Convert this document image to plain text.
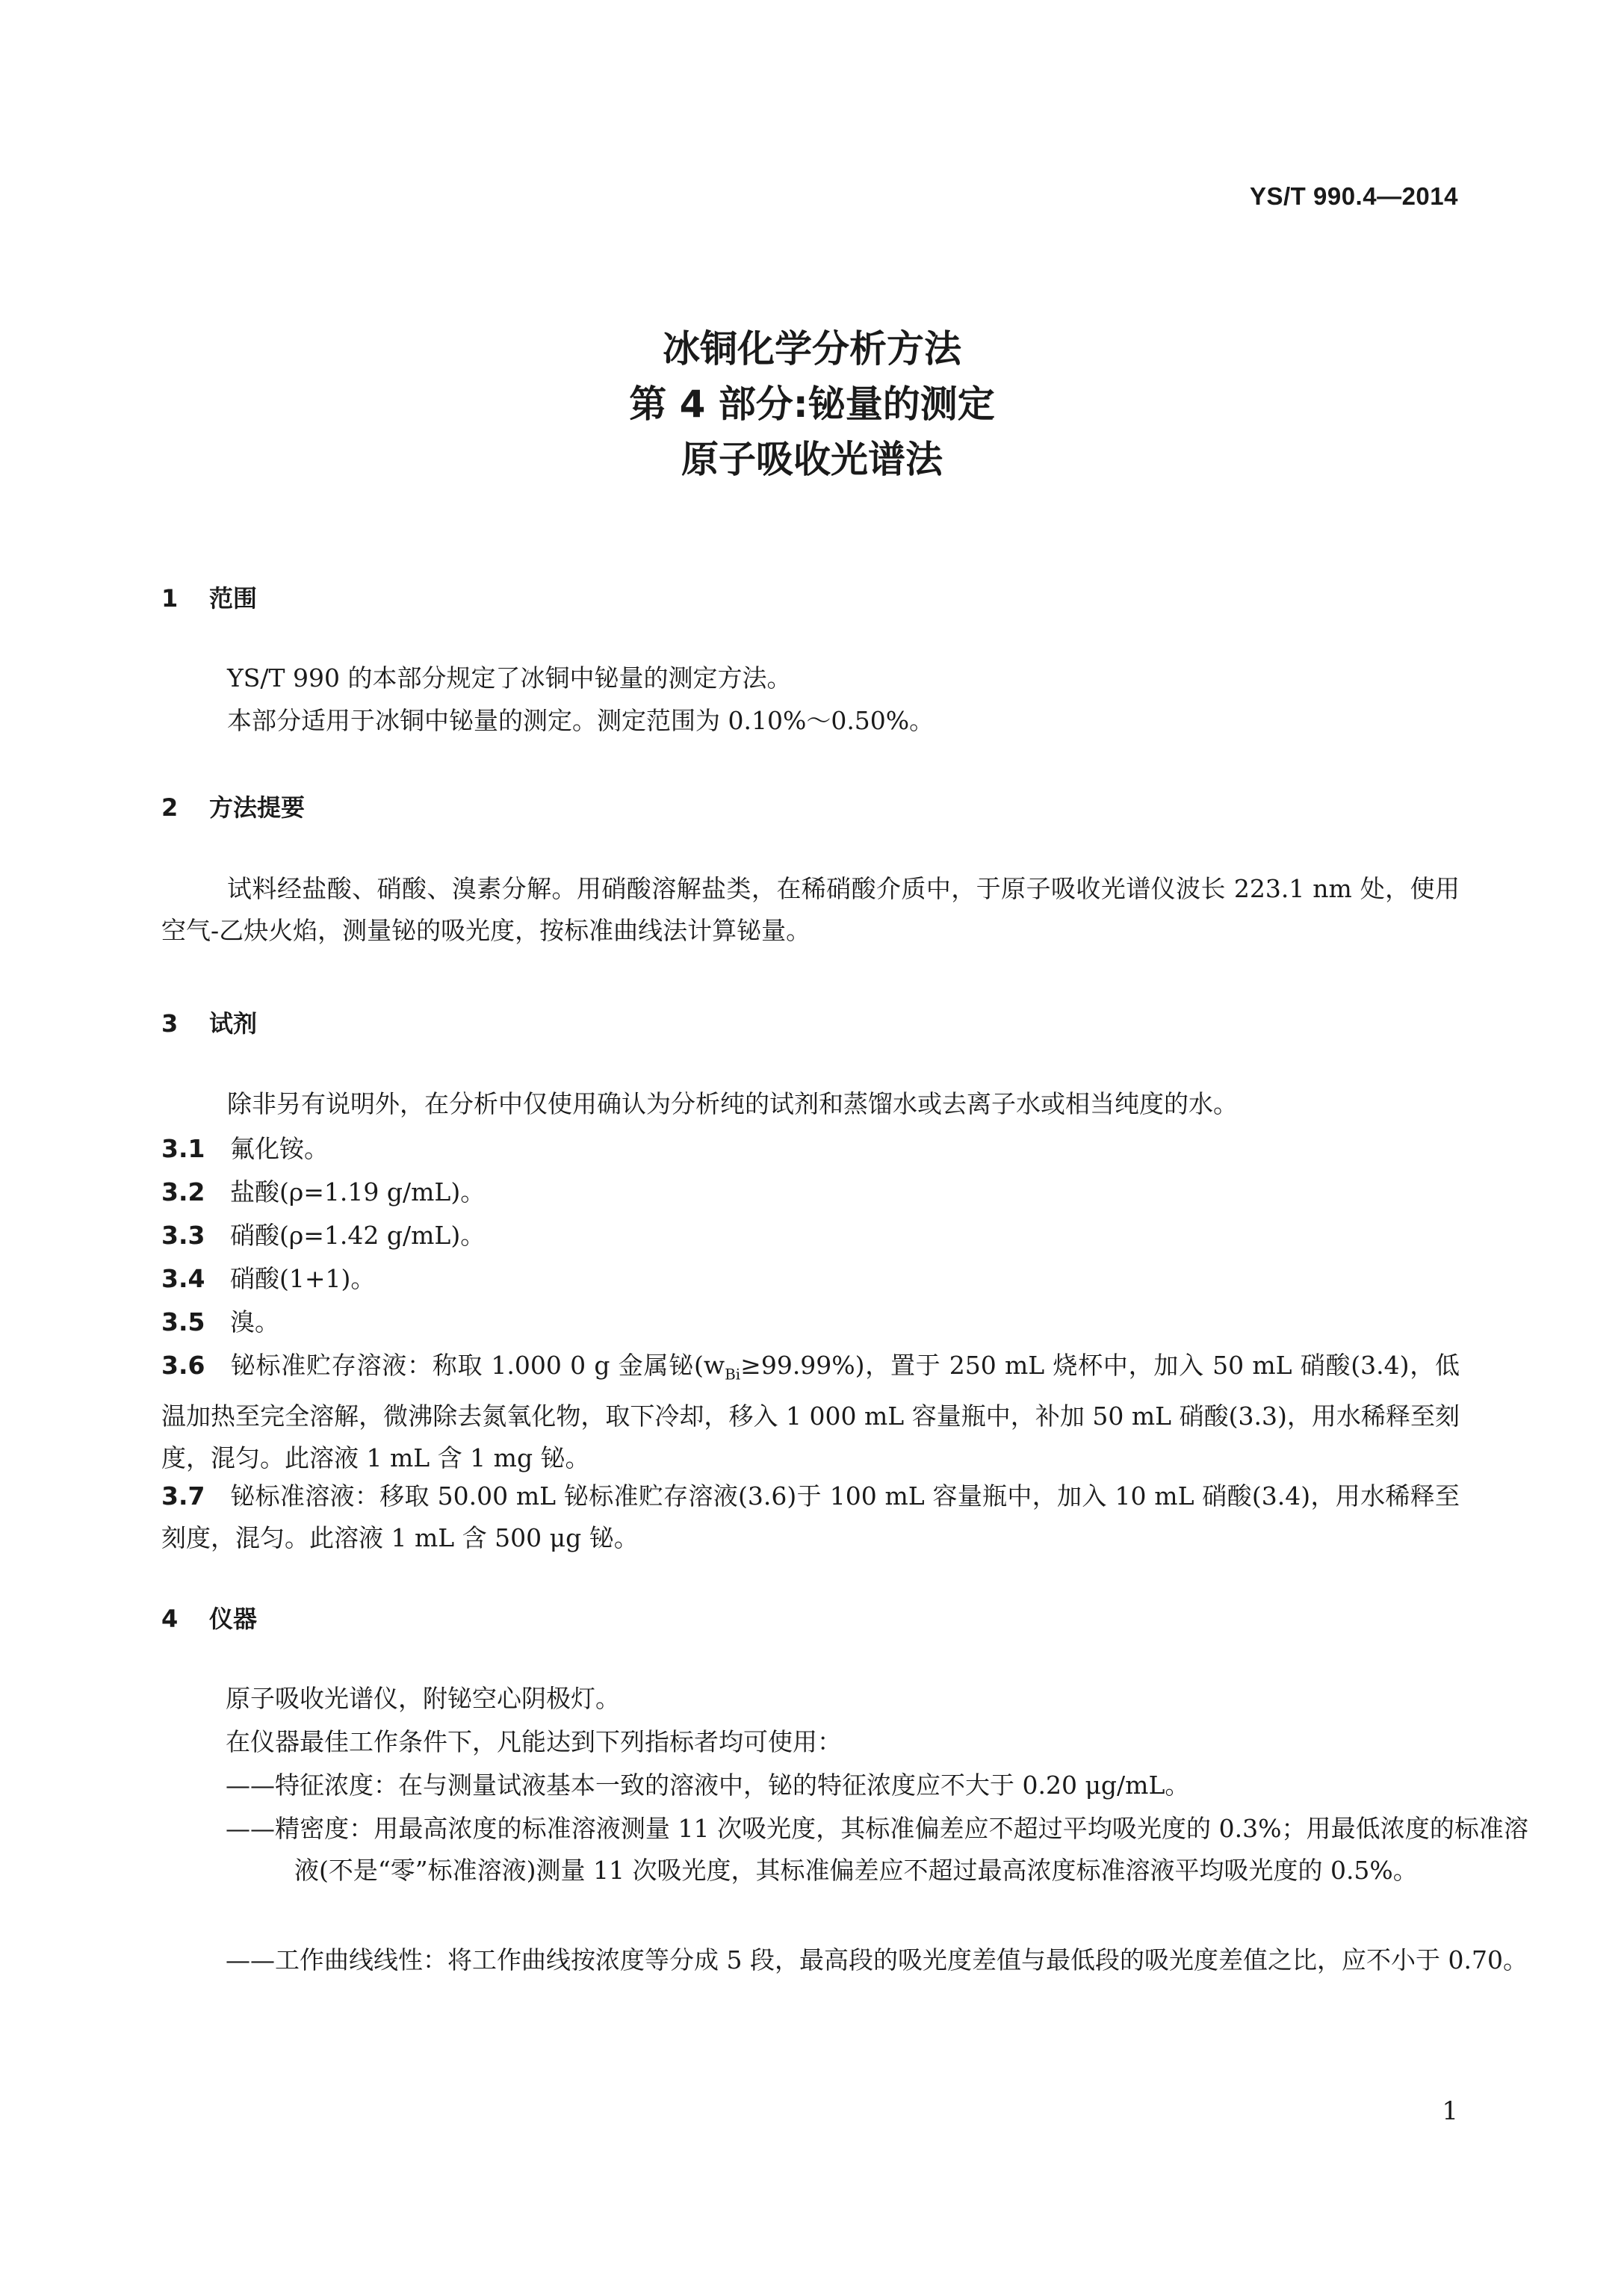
YS/T 990.4—2014
冰铜化学分析方法
第 4 部分:铋量的测定
原子吸收光谱法
1 范围
YS/T 990 的本部分规定了冰铜中铋量的测定方法。
本部分适用于冰铜中铋量的测定。测定范围为 0.10%～0.50%。
2 方法提要
试料经盐酸、硝酸、溴素分解。用硝酸溶解盐类，在稀硝酸介质中，于原子吸收光谱仪波长 223.1 nm 处，使用空气-乙炔火焰，测量铋的吸光度，按标准曲线法计算铋量。
3 试剂
除非另有说明外，在分析中仅使用确认为分析纯的试剂和蒸馏水或去离子水或相当纯度的水。
3.1 氟化铵。
3.2 盐酸(ρ=1.19 g/mL)。
3.3 硝酸(ρ=1.42 g/mL)。
3.4 硝酸(1+1)。
3.5 溴。
3.6 铋标准贮存溶液：称取 1.000 0 g 金属铋$(w_{Bi}\ge 99.99\%)$，置于 250 mL 烧杯中，加入 50 mL 硝酸(3.4)，低温加热至完全溶解，微沸除去氮氧化物，取下冷却，移入 1 000 mL 容量瓶中，补加 50 mL 硝酸(3.3)，用水稀释至刻度，混匀。此溶液 1 mL 含 1 mg 铋。
3.7 铋标准溶液：移取 50.00 mL 铋标准贮存溶液(3.6)于 100 mL 容量瓶中，加入 10 mL 硝酸(3.4)，用水稀释至刻度，混匀。此溶液 1 mL 含 500 μg 铋。
4 仪器
原子吸收光谱仪，附铋空心阴极灯。
在仪器最佳工作条件下，凡能达到下列指标者均可使用：
——特征浓度：在与测量试液基本一致的溶液中，铋的特征浓度应不大于 0.20 μg/mL。
——精密度：用最高浓度的标准溶液测量 11 次吸光度，其标准偏差应不超过平均吸光度的 0.3%；用最低浓度的标准溶液(不是“零”标准溶液)测量 11 次吸光度，其标准偏差应不超过最高浓度标准溶液平均吸光度的 0.5%。
——工作曲线线性：将工作曲线按浓度等分成 5 段，最高段的吸光度差值与最低段的吸光度差值之比，应不小于 0.70。
1
